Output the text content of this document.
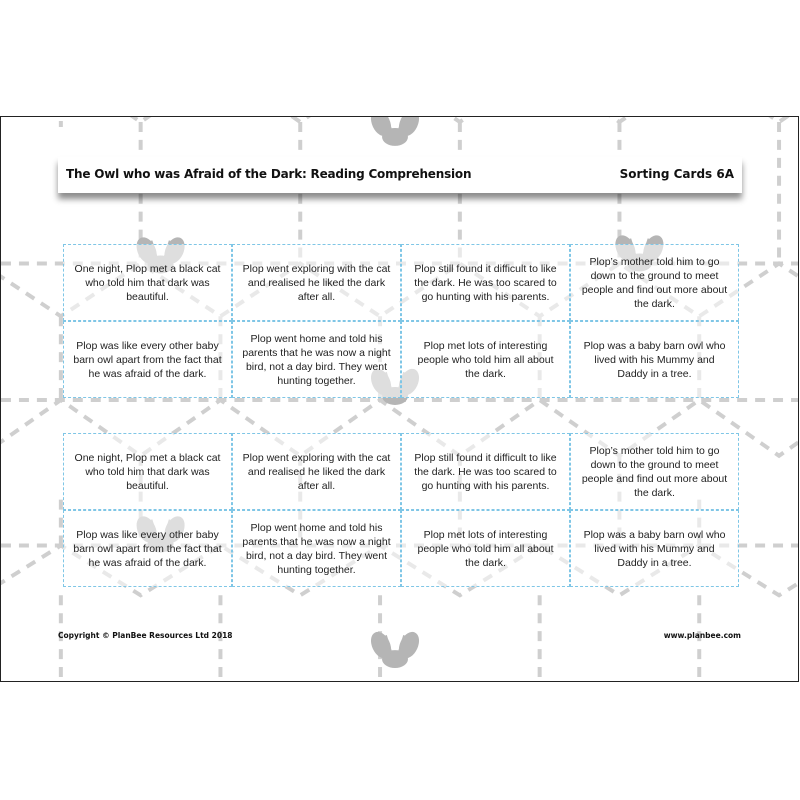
The Owl who was Afraid of the Dark: Reading Comprehension	Sorting Cards 6A
One night, Plop met a black cat who told him that dark was beautiful.
Plop went exploring with the cat and realised he liked the dark after all.
Plop still found it difficult to like the dark. He was too scared to go hunting with his parents.
Plop’s mother told him to go down to the ground to meet people and find out more about the dark.
Plop was like every other baby barn owl apart from the fact that he was afraid of the dark.
Plop went home and told his parents that he was now a night bird, not a day bird. They went hunting together.
Plop met lots of interesting people who told him all about the dark.
Plop was a baby barn owl who lived with his Mummy and Daddy in a tree.
One night, Plop met a black cat who told him that dark was beautiful.
Plop went exploring with the cat and realised he liked the dark after all.
Plop still found it difficult to like the dark. He was too scared to go hunting with his parents.
Plop’s mother told him to go down to the ground to meet people and find out more about the dark.
Plop was like every other baby barn owl apart from the fact that he was afraid of the dark.
Plop went home and told his parents that he was now a night bird, not a day bird. They went hunting together.
Plop met lots of interesting people who told him all about the dark.
Plop was a baby barn owl who lived with his Mummy and Daddy in a tree.
Copyright © PlanBee Resources Ltd 2018	www.planbee.com
